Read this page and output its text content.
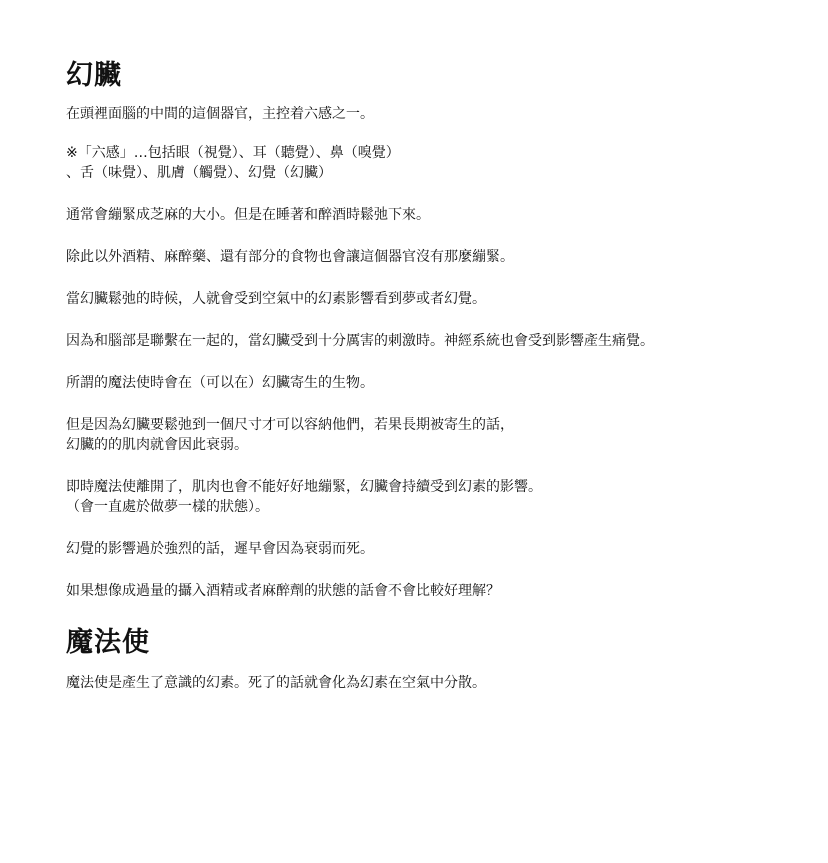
幻臟

在頭裡面腦的中間的這個器官，主控着六感之一。

※「六感」…包括眼（視覺）、耳（聽覺）、鼻（嗅覺）
、舌（味覺）、肌膚（觸覺）、幻覺（幻臟）

通常會繃緊成芝麻的大小。但是在睡著和醉酒時鬆弛下來。

除此以外酒精、麻醉藥、還有部分的食物也會讓這個器官沒有那麼繃緊。

當幻臟鬆弛的時候，人就會受到空氣中的幻素影響看到夢或者幻覺。

因為和腦部是聯繫在一起的，當幻臟受到十分厲害的刺激時。神經系統也會受到影響產生痛覺。

所謂的魔法使時會在（可以在）幻臟寄生的生物。

但是因為幻臟要鬆弛到一個尺寸才可以容納他們，若果長期被寄生的話，
幻臟的的肌肉就會因此衰弱。

即時魔法使離開了，肌肉也會不能好好地繃緊，幻臟會持續受到幻素的影響。
（會一直處於做夢一樣的狀態）。

幻覺的影響過於強烈的話，遲早會因為衰弱而死。

如果想像成過量的攝入酒精或者麻醉劑的狀態的話會不會比較好理解？

魔法使

魔法使是產生了意識的幻素。死了的話就會化為幻素在空氣中分散。
